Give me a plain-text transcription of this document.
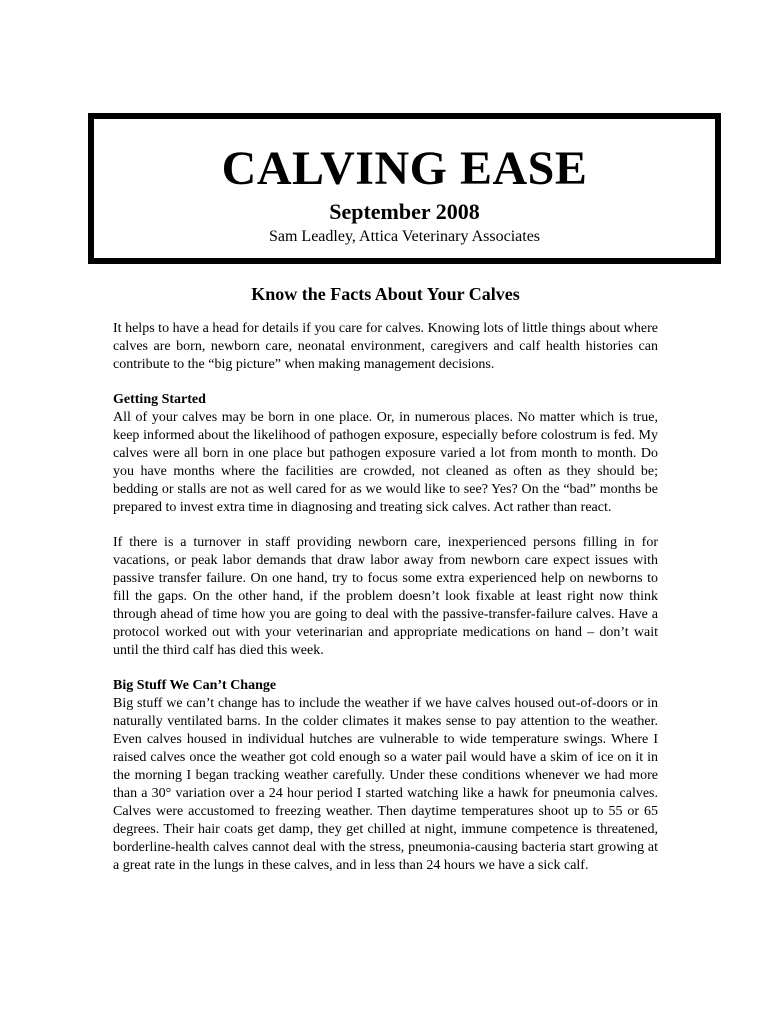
CALVING EASE
September 2008
Sam Leadley, Attica Veterinary Associates
Know the Facts About Your Calves

It helps to have a head for details if you care for calves. Knowing lots of little things about where calves are born, newborn care, neonatal environment, caregivers and calf health histories can contribute to the “big picture” when making management decisions.

Getting Started

All of your calves may be born in one place. Or, in numerous places. No matter which is true, keep informed about the likelihood of pathogen exposure, especially before colostrum is fed. My calves were all born in one place but pathogen exposure varied a lot from month to month. Do you have months where the facilities are crowded, not cleaned as often as they should be; bedding or stalls are not as well cared for as we would like to see? Yes? On the “bad” months be prepared to invest extra time in diagnosing and treating sick calves. Act rather than react.

If there is a turnover in staff providing newborn care, inexperienced persons filling in for vacations, or peak labor demands that draw labor away from newborn care expect issues with passive transfer failure. On one hand, try to focus some extra experienced help on newborns to fill the gaps. On the other hand, if the problem doesn’t look fixable at least right now think through ahead of time how you are going to deal with the passive-transfer-failure calves. Have a protocol worked out with your veterinarian and appropriate medications on hand – don’t wait until the third calf has died this week.

Big Stuff We Can’t Change

Big stuff we can’t change has to include the weather if we have calves housed out-of-doors or in naturally ventilated barns. In the colder climates it makes sense to pay attention to the weather. Even calves housed in individual hutches are vulnerable to wide temperature swings. Where I raised calves once the weather got cold enough so a water pail would have a skim of ice on it in the morning I began tracking weather carefully. Under these conditions whenever we had more than a 30° variation over a 24 hour period I started watching like a hawk for pneumonia calves. Calves were accustomed to freezing weather. Then daytime temperatures shoot up to 55 or 65 degrees. Their hair coats get damp, they get chilled at night, immune competence is threatened, borderline-health calves cannot deal with the stress, pneumonia-causing bacteria start growing at a great rate in the lungs in these calves, and in less than 24 hours we have a sick calf.
